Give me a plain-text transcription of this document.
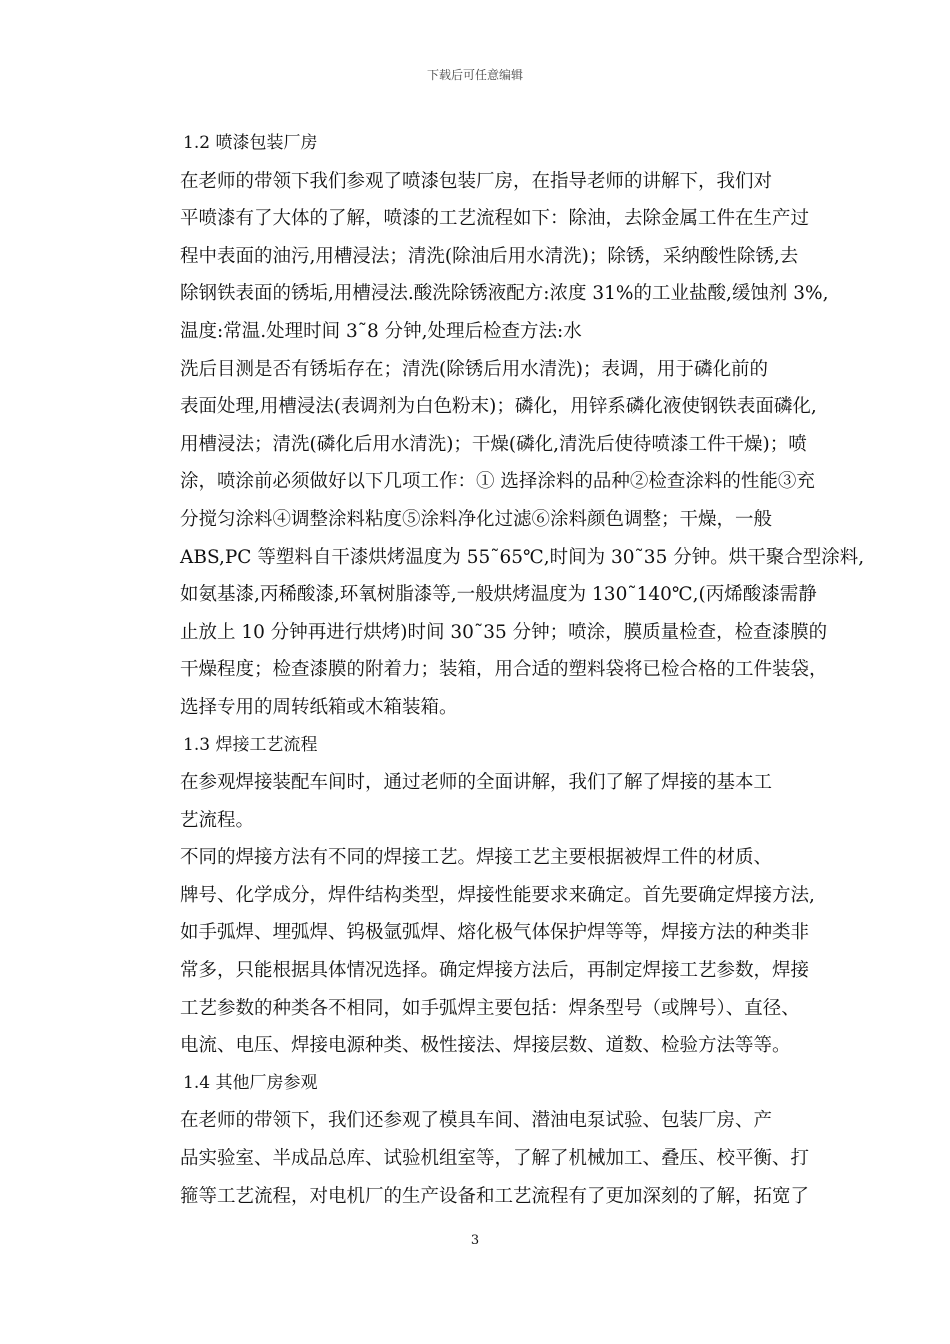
下载后可任意编辑

1.2 喷漆包装厂房

在老师的带领下我们参观了喷漆包装厂房，在指导老师的讲解下，我们对
平喷漆有了大体的了解，喷漆的工艺流程如下：除油，去除金属工件在生产过
程中表面的油污,用槽浸法；清洗(除油后用水清洗)；除锈，采纳酸性除锈,去
除钢铁表面的锈垢,用槽浸法.酸洗除锈液配方:浓度 31%的工业盐酸,缓蚀剂 3%,
温度:常温.处理时间 3˜8 分钟,处理后检查方法:水

洗后目测是否有锈垢存在；清洗(除锈后用水清洗)；表调，用于磷化前的
表面处理,用槽浸法(表调剂为白色粉末)；磷化，用锌系磷化液使钢铁表面磷化,
用槽浸法；清洗(磷化后用水清洗)；干燥(磷化,清洗后使待喷漆工件干燥)；喷
涂，喷涂前必须做好以下几项工作：① 选择涂料的品种②检查涂料的性能③充
分搅匀涂料④调整涂料粘度⑤涂料净化过滤⑥涂料颜色调整；干燥，一般
ABS,PC 等塑料自干漆烘烤温度为 55˜65℃,时间为 30˜35 分钟。烘干聚合型涂料,
如氨基漆,丙稀酸漆,环氧树脂漆等,一般烘烤温度为 130˜140℃,(丙烯酸漆需静
止放上 10 分钟再进行烘烤)时间 30˜35 分钟；喷涂，膜质量检查，检查漆膜的
干燥程度；检查漆膜的附着力；装箱，用合适的塑料袋将已检合格的工件装袋，
选择专用的周转纸箱或木箱装箱。

1.3 焊接工艺流程

在参观焊接装配车间时，通过老师的全面讲解，我们了解了焊接的基本工
艺流程。

不同的焊接方法有不同的焊接工艺。焊接工艺主要根据被焊工件的材质、
牌号、化学成分，焊件结构类型，焊接性能要求来确定。首先要确定焊接方法,
如手弧焊、埋弧焊、钨极氩弧焊、熔化极气体保护焊等等，焊接方法的种类非
常多，只能根据具体情况选择。确定焊接方法后，再制定焊接工艺参数，焊接
工艺参数的种类各不相同，如手弧焊主要包括：焊条型号（或牌号）、直径、
电流、电压、焊接电源种类、极性接法、焊接层数、道数、检验方法等等。

1.4 其他厂房参观

在老师的带领下，我们还参观了模具车间、潜油电泵试验、包装厂房、产
品实验室、半成品总库、试验机组室等，了解了机械加工、叠压、校平衡、打
箍等工艺流程，对电机厂的生产设备和工艺流程有了更加深刻的了解，拓宽了

3
